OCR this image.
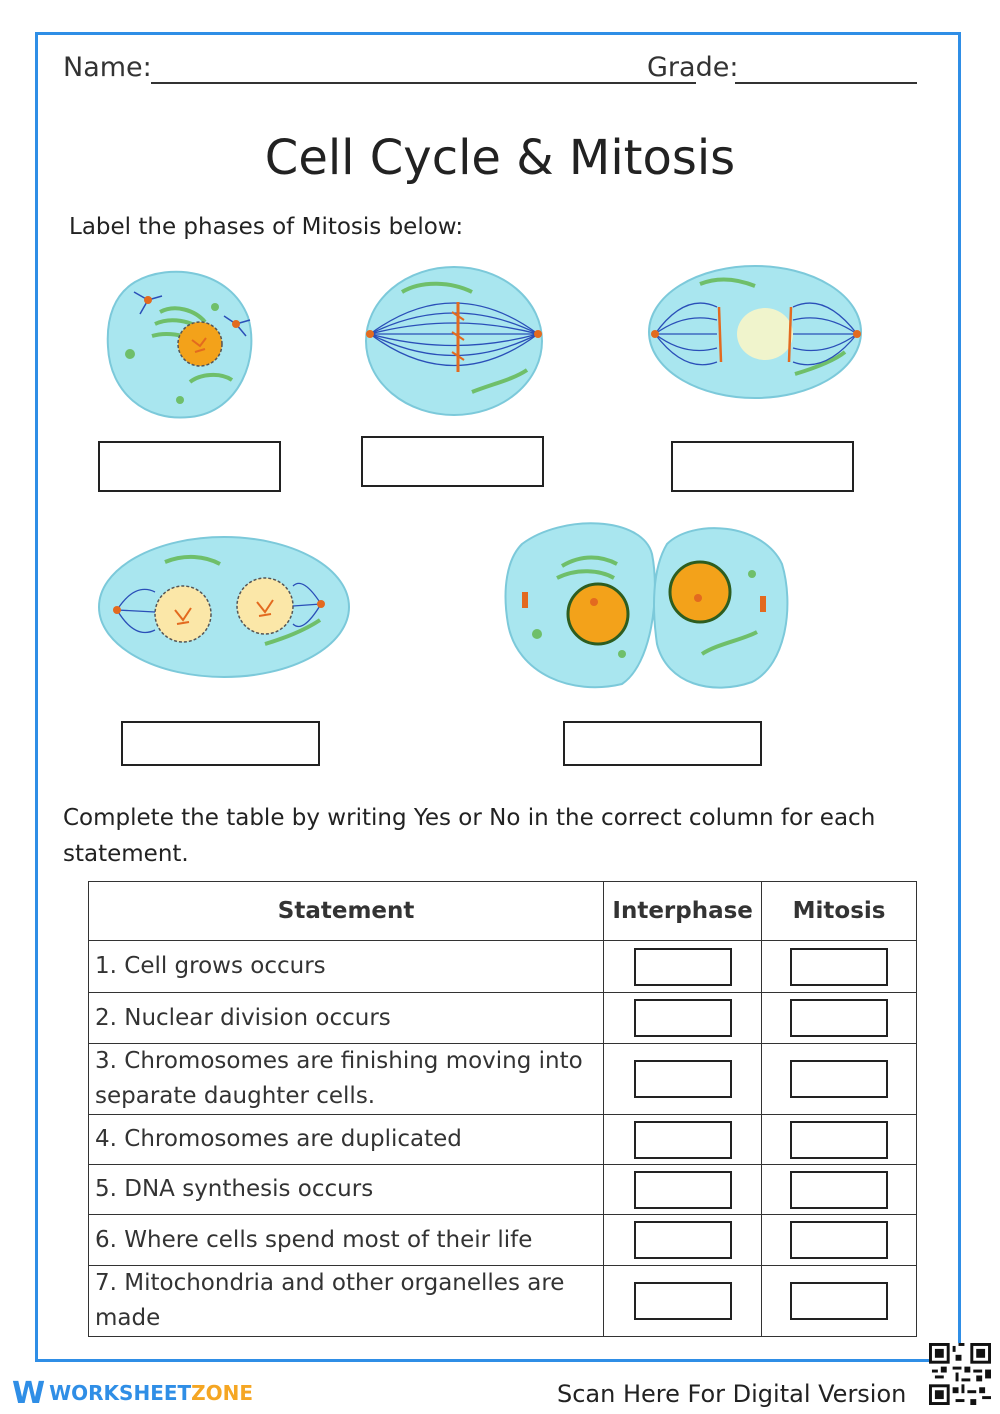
Name:	Grade:
Cell Cycle & Mitosis
Label the phases of Mitosis below:
Complete the table by writing Yes or No in the correct column for each statement.
Statement	Interphase	Mitosis
1. Cell grows occurs	

2. Nuclear division occurs	

3. Chromosomes are finishing moving into separate daughter cells.	

4. Chromosomes are duplicated	

5. DNA synthesis occurs	

6. Where cells spend most of their life	

7. Mitochondria and other organelles are made	

WWORKSHEETZONE	Scan Here For Digital Version
